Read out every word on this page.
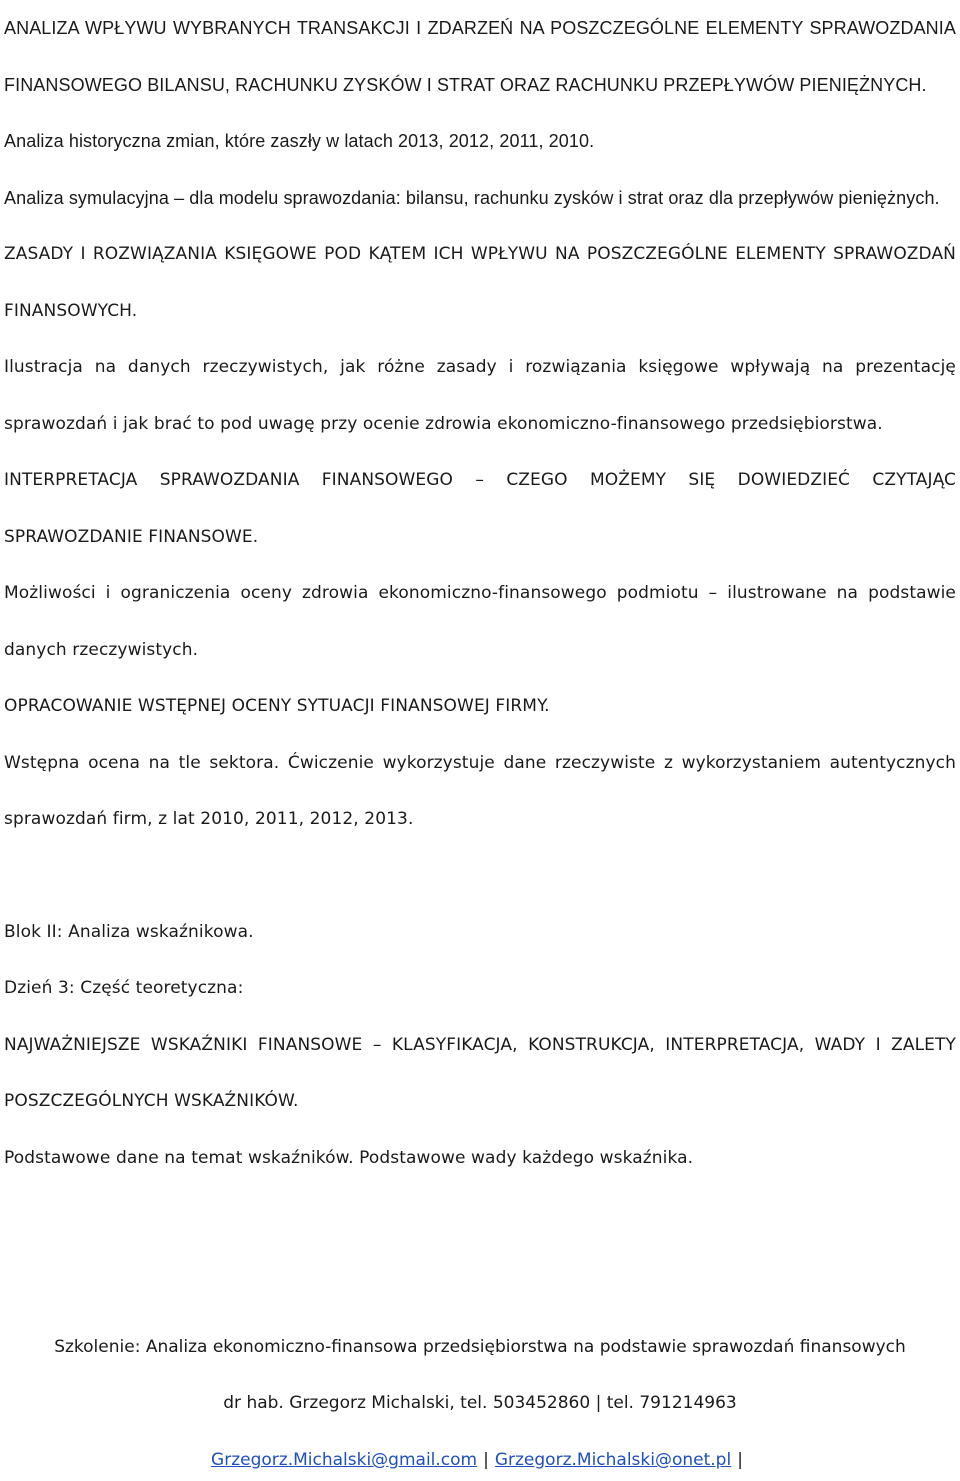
ANALIZA WPŁYWU WYBRANYCH TRANSAKCJI I ZDARZEŃ NA POSZCZEGÓLNE ELEMENTY SPRAWOZDANIA FINANSOWEGO BILANSU, RACHUNKU ZYSKÓW I STRAT ORAZ RACHUNKU PRZEPŁYWÓW PIENIĘŻNYCH.

Analiza historyczna zmian, które zaszły w latach 2013, 2012, 2011, 2010.

Analiza symulacyjna – dla modelu sprawozdania: bilansu, rachunku zysków i strat oraz dla przepływów pieniężnych.

ZASADY I ROZWIĄZANIA KSIĘGOWE POD KĄTEM ICH WPŁYWU NA POSZCZEGÓLNE ELEMENTY SPRAWOZDAŃ FINANSOWYCH.

Ilustracja na danych rzeczywistych, jak różne zasady i rozwiązania księgowe wpływają na prezentację sprawozdań i jak brać to pod uwagę przy ocenie zdrowia ekonomiczno-finansowego przedsiębiorstwa.

INTERPRETACJA SPRAWOZDANIA FINANSOWEGO – CZEGO MOŻEMY SIĘ DOWIEDZIEĆ CZYTAJĄC SPRAWOZDANIE FINANSOWE.

Możliwości i ograniczenia oceny zdrowia ekonomiczno-finansowego podmiotu – ilustrowane na podstawie danych rzeczywistych.

OPRACOWANIE WSTĘPNEJ OCENY SYTUACJI FINANSOWEJ FIRMY.

Wstępna ocena na tle sektora. Ćwiczenie wykorzystuje dane rzeczywiste z wykorzystaniem autentycznych sprawozdań firm, z lat 2010, 2011, 2012, 2013.

Blok II: Analiza wskaźnikowa.

Dzień 3: Część teoretyczna:

NAJWAŻNIEJSZE WSKAŹNIKI FINANSOWE – KLASYFIKACJA, KONSTRUKCJA, INTERPRETACJA, WADY I ZALETY POSZCZEGÓLNYCH WSKAŹNIKÓW.

Podstawowe dane na temat wskaźników. Podstawowe wady każdego wskaźnika.

Szkolenie: Analiza ekonomiczno-finansowa przedsiębiorstwa na podstawie sprawozdań finansowych
dr hab. Grzegorz Michalski, tel. 503452860 | tel. 791214963
Grzegorz.Michalski@gmail.com | Grzegorz.Michalski@onet.pl |
